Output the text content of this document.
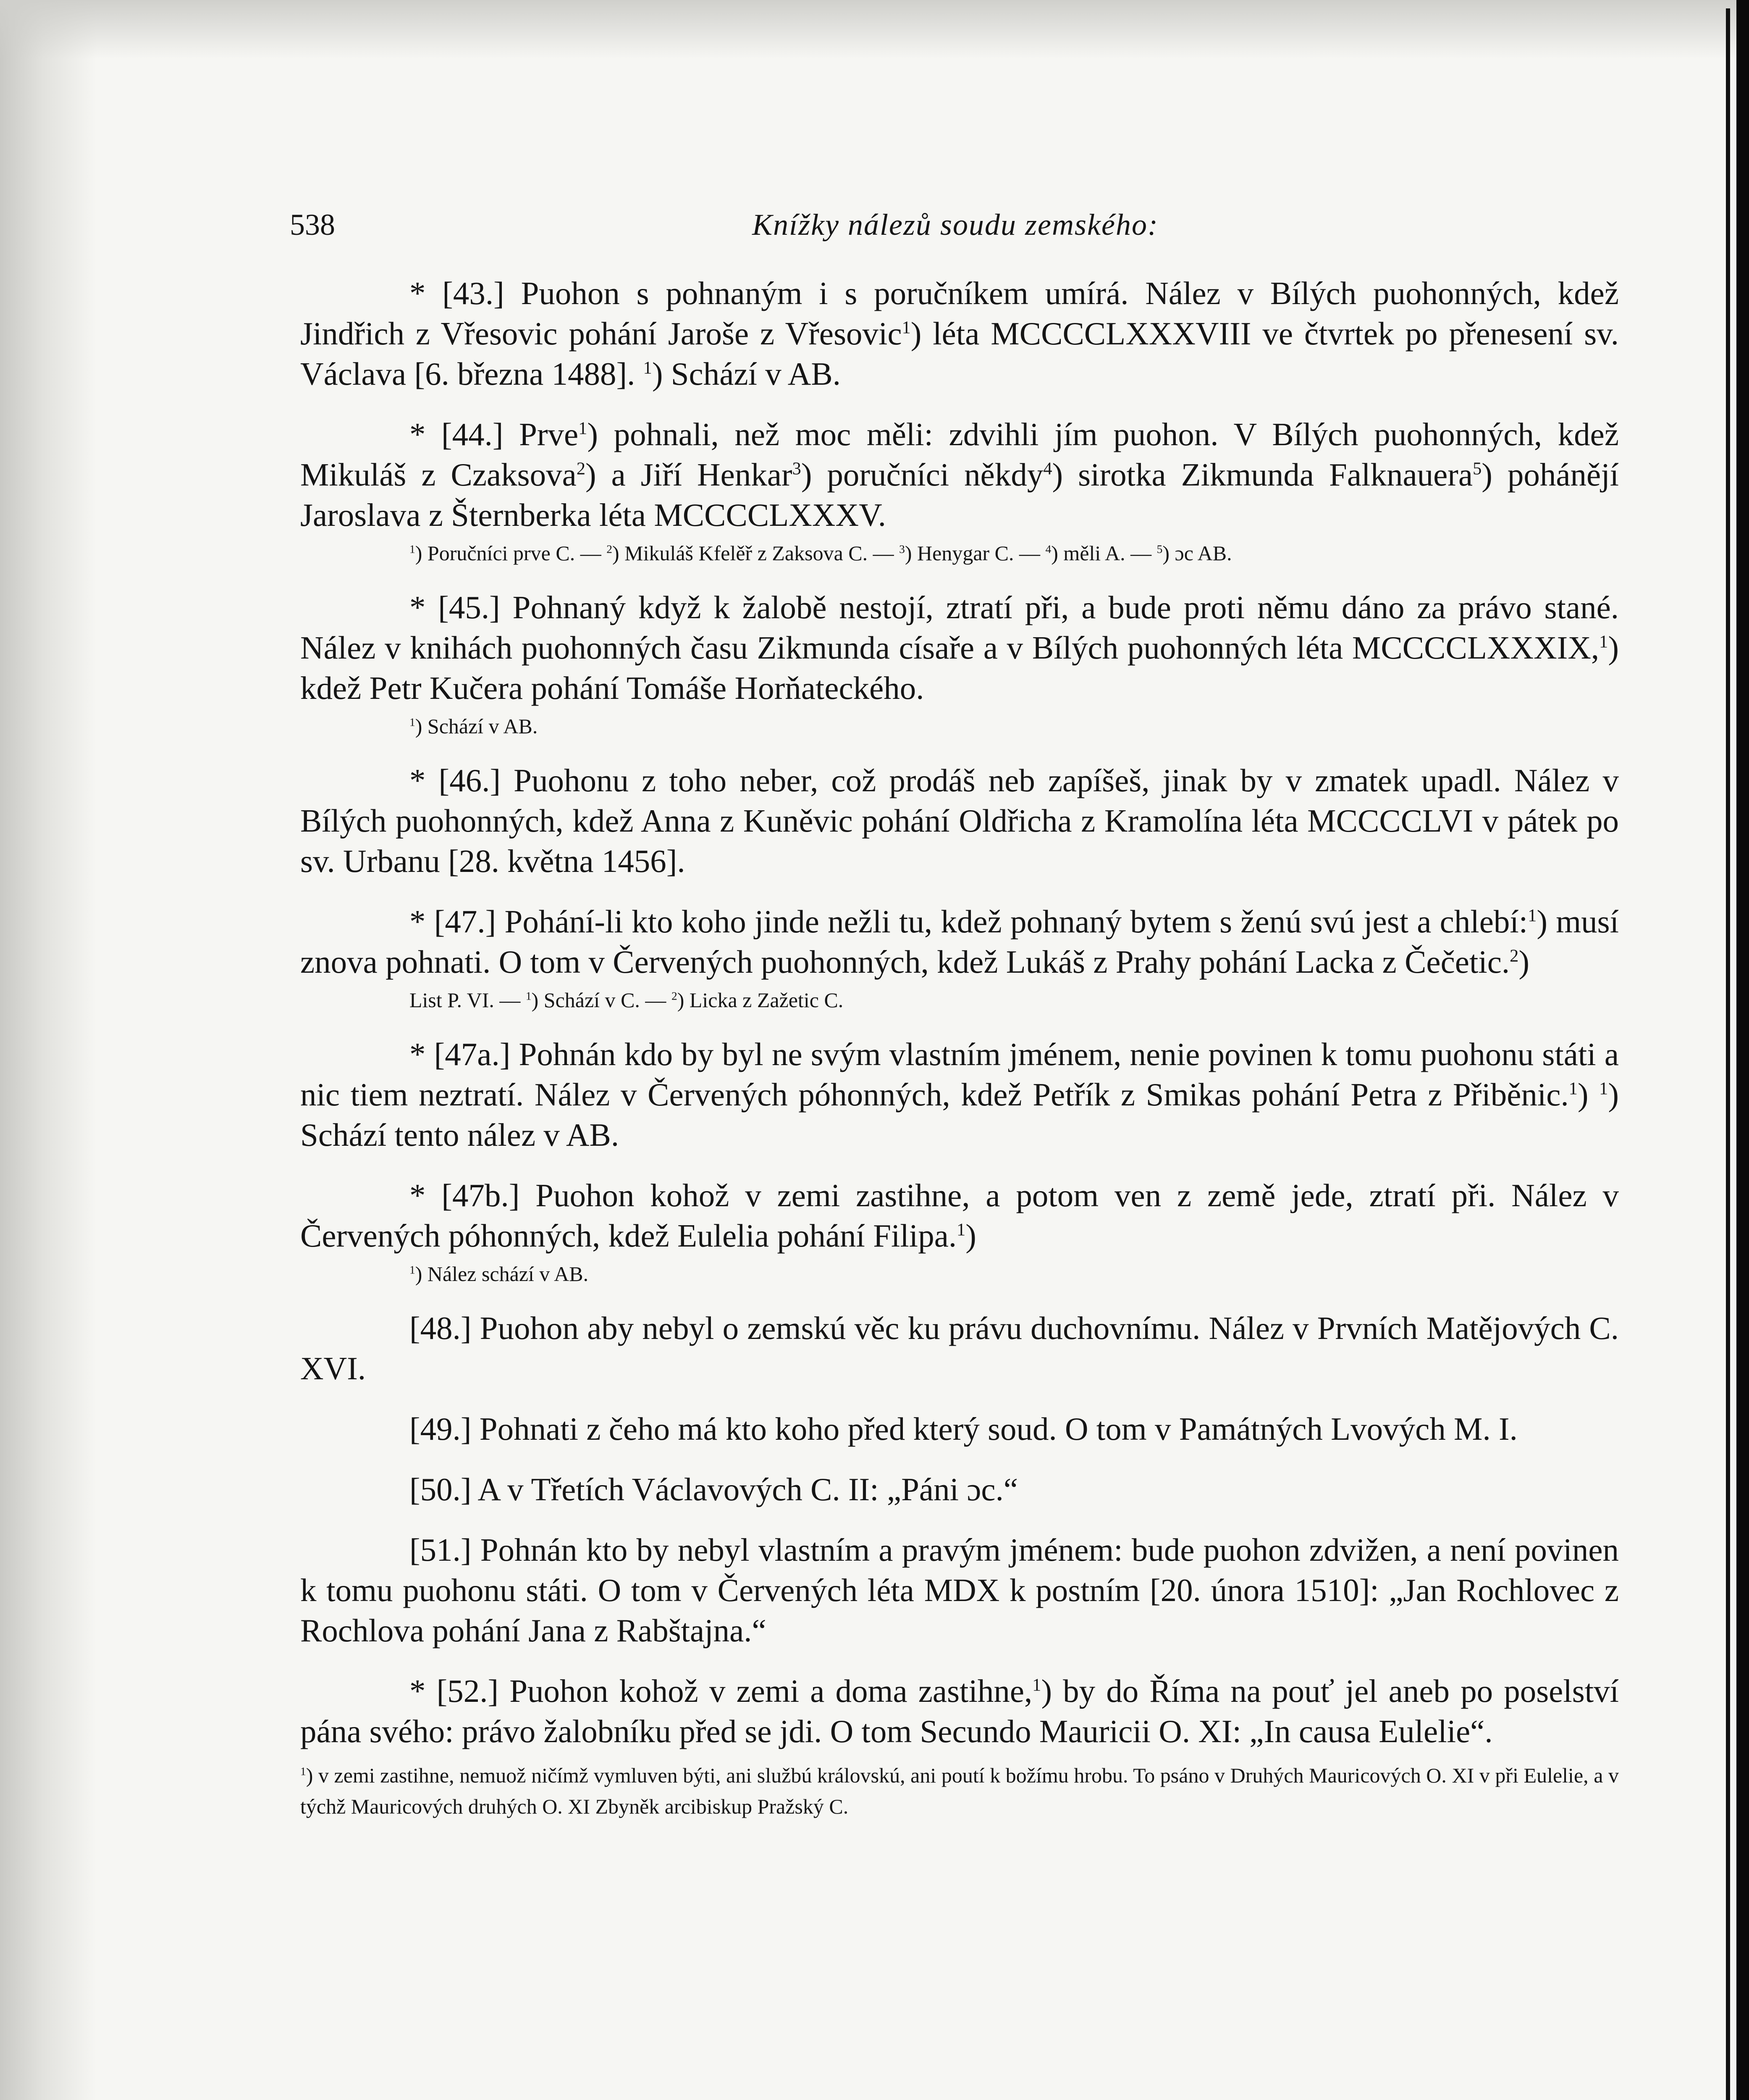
538	Knížky nálezů soudu zemského:

* [43.] Puohon s pohnaným i s poručníkem umírá. Nález v Bílých puohonných, kdež Jindřich z Vřesovic pohání Jaroše z Vřesovic$^1$) léta MCCCCLXXXVIII ve čtvrtek po přenesení sv. Václava [6. března 1488]. $^1$) Schází v AB.

* [44.] Prve$^1$) pohnali, než moc měli: zdvihli jím puohon. V Bílých puohonných, kdež Mikuláš z Czaksova$^2$) a Jiří Henkar$^3$) poručníci někdy$^4$) sirotka Zikmunda Falknauera$^5$) pohánějí Jaroslava z Šternberka léta MCCCCLXXXV.

$^1$) Poručníci prve C. — $^2$) Mikuláš Kfelěř z Zaksova C. — $^3$) Henygar C. — $^4$) měli A. — $^5$) ɔc AB.

* [45.] Pohnaný když k žalobě nestojí, ztratí při, a bude proti němu dáno za právo stané. Nález v knihách puohonných času Zikmunda císaře a v Bílých puohonných léta MCCCCLXXXIX,$^1$) kdež Petr Kučera pohání Tomáše Horňateckého.

$^1$) Schází v AB.

* [46.] Puohonu z toho neber, což prodáš neb zapíšeš, jinak by v zmatek upadl. Nález v Bílých puohonných, kdež Anna z Kuněvic pohání Oldřicha z Kramolína léta MCCCCLVI v pátek po sv. Urbanu [28. května 1456].

* [47.] Pohání-li kto koho jinde nežli tu, kdež pohnaný bytem s ženú svú jest a chlebí:$^1$) musí znova pohnati. O tom v Červených puohonných, kdež Lukáš z Prahy pohání Lacka z Čečetic.$^2$)

List P. VI. — $^1$) Schází v C. — $^2$) Licka z Zažetic C.

* [47a.] Pohnán kdo by byl ne svým vlastním jménem, nenie povinen k tomu puohonu státi a nic tiem neztratí. Nález v Červených póhonných, kdež Petřík z Smikas pohání Petra z Přiběnic.$^1$) $^1$) Schází tento nález v AB.

* [47b.] Puohon kohož v zemi zastihne, a potom ven z země jede, ztratí při. Nález v Červených póhonných, kdež Eulelia pohání Filipa.$^1$)

$^1$) Nález schází v AB.

[48.] Puohon aby nebyl o zemskú věc ku právu duchovnímu. Nález v Prvních Matějových C. XVI.

[49.] Pohnati z čeho má kto koho před který soud. O tom v Památných Lvových M. I.

[50.] A v Třetích Václavových C. II: „Páni ɔc.“

[51.] Pohnán kto by nebyl vlastním a pravým jménem: bude puohon zdvižen, a není povinen k tomu puohonu státi. O tom v Červených léta MDX k postním [20. února 1510]: „Jan Rochlovec z Rochlova pohání Jana z Rabštajna.“

* [52.] Puohon kohož v zemi a doma zastihne,$^1$) by do Říma na pouť jel aneb po poselství pána svého: právo žalobníku před se jdi. O tom Secundo Mauricii O. XI: „In causa Eulelie“.

$^1$) v zemi zastihne, nemuož ničímž vymluven býti, ani službú královskú, ani poutí k božímu hrobu. To psáno v Druhých Mauricových O. XI v při Eulelie, a v týchž Mauricových druhých O. XI Zbyněk arcibiskup Pražský C.
